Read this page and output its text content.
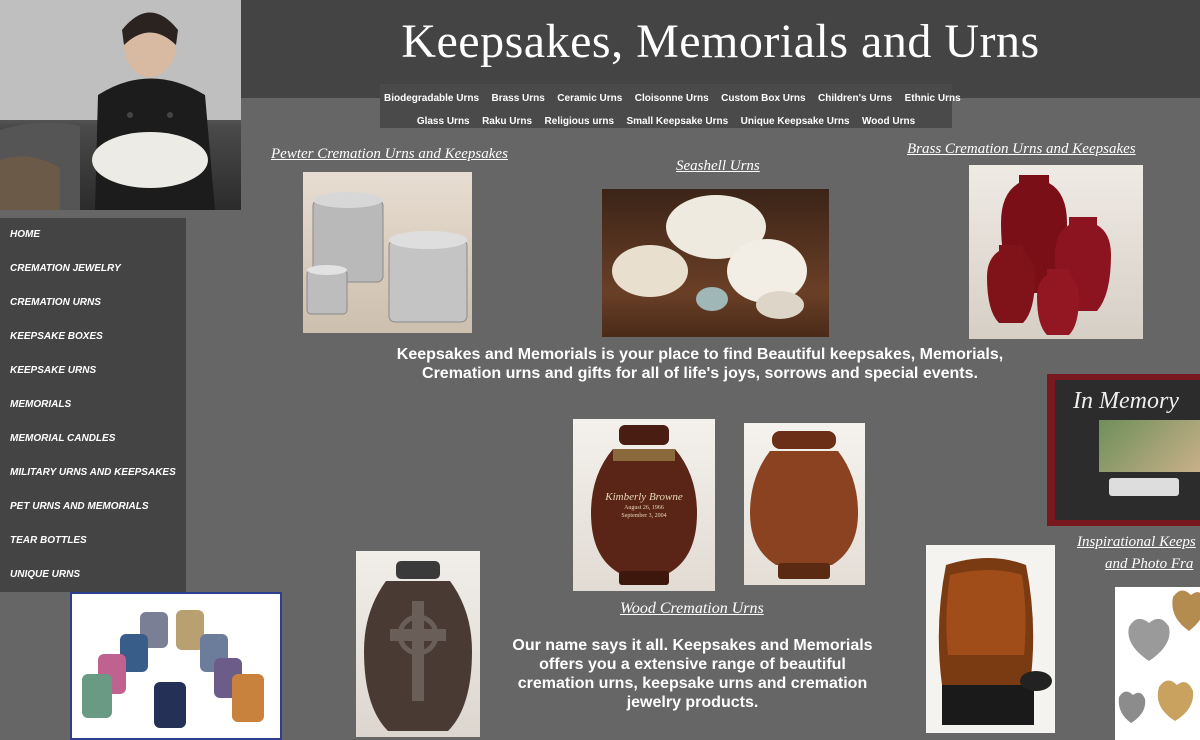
Keepsakes, Memorials and Urns
Biodegradable Urns Brass Urns Ceramic Urns Cloisonne Urns Custom Box Urns Children's Urns Ethnic Urns
Glass Urns Raku Urns Religious urns Small Keepsake Urns Unique Keepsake Urns Wood Urns
HOME
CREMATION JEWELRY
CREMATION URNS
KEEPSAKE BOXES
KEEPSAKE URNS
MEMORIALS
MEMORIAL CANDLES
MILITARY URNS AND KEEPSAKES
PET URNS AND MEMORIALS
TEAR BOTTLES
UNIQUE URNS
Pewter Cremation Urns and Keepsakes
Seashell Urns
Brass Cremation Urns and Keepsakes
Wood Cremation Urns
Inspirational Keeps
and Photo Fra
Keepsakes and Memorials is your place to find Beautiful keepsakes, Memorials,
Cremation urns and gifts for all of life's joys, sorrows and special events.
In Memory
Kimberly Browne
August 26, 1966
September 3, 2004
Our name says it all. Keepsakes and Memorials
offers you a extensive range of beautiful
cremation urns, keepsake urns and cremation
jewelry products.
